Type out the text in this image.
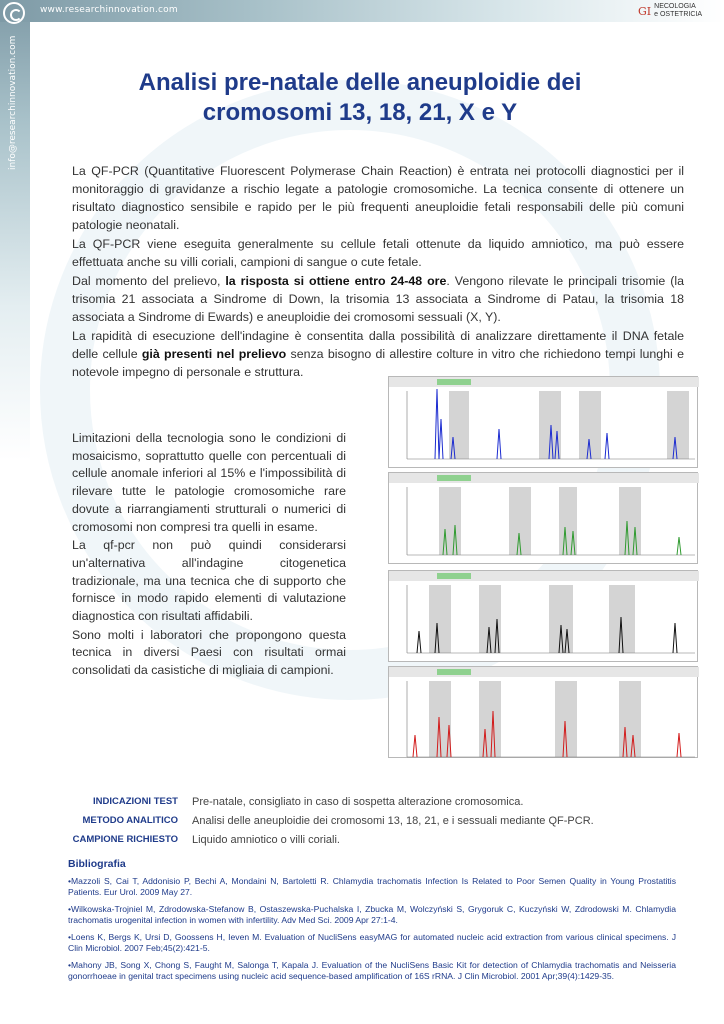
www.researchinnovation.com
info@researchinnovation.com
GI NECOLOGIA
e OSTETRICIA
Analisi pre-natale delle aneuploidie dei
cromosomi 13, 18, 21, X e Y

La QF-PCR (Quantitative Fluorescent Polymerase Chain Reaction) è entrata nei protocolli diagnostici per il monitoraggio di gravidanze a rischio legate a patologie cromosomiche. La tecnica consente di ottenere un risultato diagnostico sensibile e rapido per le più frequenti aneuploidie fetali responsabili delle più comuni patologie neonatali.

La QF-PCR viene eseguita generalmente su cellule fetali ottenute da liquido amniotico, ma può essere effettuata anche su villi coriali, campioni di sangue o cute fetale.

Dal momento del prelievo, la risposta si ottiene entro 24-48 ore. Vengono rilevate le principali trisomie (la trisomia 21 associata a Sindrome di Down, la trisomia 13 associata a Sindrome di Patau, la trisomia 18 associata a Sindrome di Ewards) e aneuploidie dei cromosomi sessuali (X, Y).

La rapidità di esecuzione dell'indagine è consentita dalla possibilità di analizzare direttamente il DNA fetale delle cellule già presenti nel prelievo senza bisogno di allestire colture in vitro che richiedono tempi lunghi e notevole impegno di personale e struttura.

Limitazioni della tecnologia sono le condizioni di mosaicismo, soprattutto quelle con percentuali di cellule anomale inferiori al 15% e l'impossibilità di rilevare tutte le patologie cromosomiche rare dovute a riarrangiamenti strutturali o numerici di cromosomi non compresi tra quelli in esame.

La qf-pcr non può quindi considerarsi un'alternativa all'indagine citogenetica tradizionale, ma una tecnica che di supporto che fornisce in modo rapido elementi di valutazione diagnostica con risultati affidabili.

Sono molti i laboratori che propongono questa tecnica in diversi Paesi con risultati ormai consolidati da casistiche di migliaia di campioni.

INDICAZIONI TEST	Pre-natale, consigliato in caso di sospetta alterazione cromosomica.
METODO ANALITICO	Analisi delle aneuploidie dei cromosomi 13, 18, 21, e i sessuali mediante QF-PCR.
CAMPIONE RICHIESTO	Liquido amniotico o villi coriali.
Bibliografia
•Mazzoli S, Cai T, Addonisio P, Bechi A, Mondaini N, Bartoletti R. Chlamydia trachomatis Infection Is Related to Poor Semen Quality in Young Prostatitis Patients. Eur Urol. 2009 May 27.
•Wilkowska-Trojniel M, Zdrodowska-Stefanow B, Ostaszewska-Puchalska I, Zbucka M, Wolczyński S, Grygoruk C, Kuczyński W, Zdrodowski M. Chlamydia trachomatis urogenital infection in women with infertility. Adv Med Sci. 2009 Apr 27:1-4.
•Loens K, Bergs K, Ursi D, Goossens H, Ieven M. Evaluation of NucliSens easyMAG for automated nucleic acid extraction from various clinical specimens. J Clin Microbiol. 2007 Feb;45(2):421-5.
•Mahony JB, Song X, Chong S, Faught M, Salonga T, Kapala J. Evaluation of the NucliSens Basic Kit for detection of Chlamydia trachomatis and Neisseria gonorrhoeae in genital tract specimens using nucleic acid sequence-based amplification of 16S rRNA. J Clin Microbiol. 2001 Apr;39(4):1429-35.
